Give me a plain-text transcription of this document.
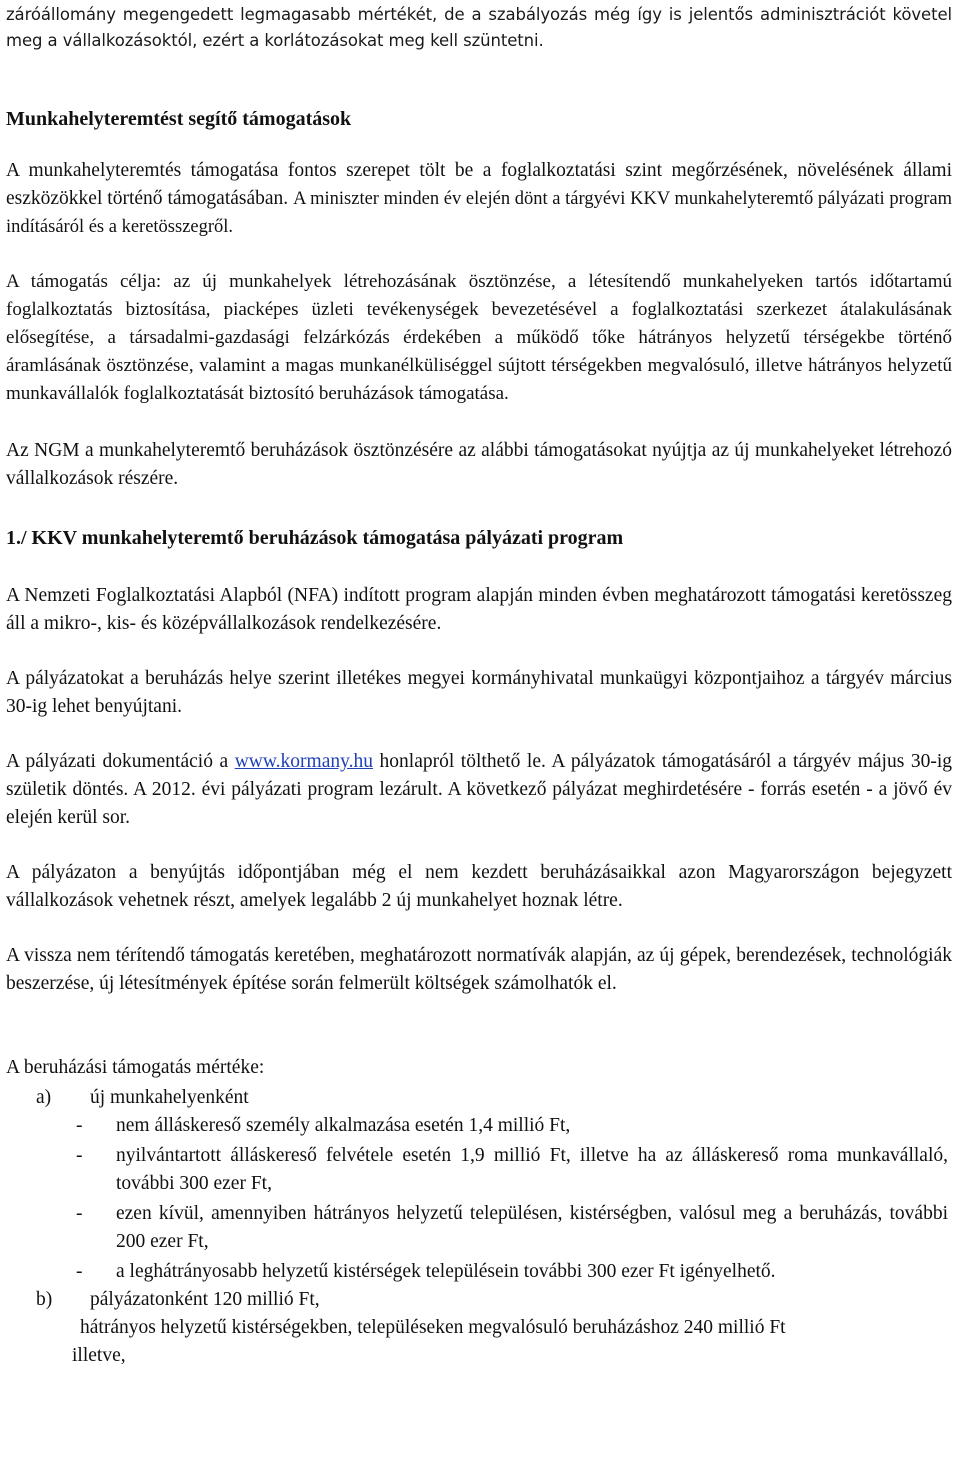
záróállomány megengedett legmagasabb mértékét, de a szabályozás még így is jelentős adminisztrációt követel meg a vállalkozásoktól, ezért a korlátozásokat meg kell szüntetni.

Munkahelyteremtést segítő támogatások

A munkahelyteremtés támogatása fontos szerepet tölt be a foglalkoztatási szint megőrzésének, növelésének állami eszközökkel történő támogatásában. A miniszter minden év elején dönt a tárgyévi KKV munkahelyteremtő pályázati program indításáról és a keretösszegről.

A támogatás célja: az új munkahelyek létrehozásának ösztönzése, a létesítendő munkahelyeken tartós időtartamú foglalkoztatás biztosítása, piacképes üzleti tevékenységek bevezetésével a foglalkoztatási szerkezet átalakulásának elősegítése, a társadalmi-gazdasági felzárkózás érdekében a működő tőke hátrányos helyzetű térségekbe történő áramlásának ösztönzése, valamint a magas munkanélküliséggel sújtott térségekben megvalósuló, illetve hátrányos helyzetű munkavállalók foglalkoztatását biztosító beruházások támogatása.

Az NGM a munkahelyteremtő beruházások ösztönzésére az alábbi támogatásokat nyújtja az új munkahelyeket létrehozó vállalkozások részére.

1./ KKV munkahelyteremtő beruházások támogatása pályázati program

A Nemzeti Foglalkoztatási Alapból (NFA) indított program alapján minden évben meghatározott támogatási keretösszeg áll a mikro-, kis- és középvállalkozások rendelkezésére.

A pályázatokat a beruházás helye szerint illetékes megyei kormányhivatal munkaügyi központjaihoz a tárgyév március 30-ig lehet benyújtani.

A pályázati dokumentáció a www.kormany.hu honlapról tölthető le. A pályázatok támogatásáról a tárgyév május 30-ig születik döntés. A 2012. évi pályázati program lezárult. A következő pályázat meghirdetésére - forrás esetén - a jövő év elején kerül sor.

A pályázaton a benyújtás időpontjában még el nem kezdett beruházásaikkal azon Magyarországon bejegyzett vállalkozások vehetnek részt, amelyek legalább 2 új munkahelyet hoznak létre.

A vissza nem térítendő támogatás keretében, meghatározott normatívák alapján, az új gépek, berendezések, technológiák beszerzése, új létesítmények építése során felmerült költségek számolhatók el.

A beruházási támogatás mértéke:

a)	új munkahelyenként
-	nem álláskereső személy alkalmazása esetén 1,4 millió Ft,
-	nyilvántartott álláskereső felvétele esetén 1,9 millió Ft, illetve ha az álláskereső roma munkavállaló, további 300 ezer Ft,
-	ezen kívül, amennyiben hátrányos helyzetű településen, kistérségben, valósul meg a beruházás, további 200 ezer Ft,
-	a leghátrányosabb helyzetű kistérségek településein további 300 ezer Ft igényelhető.
b)	pályázatonként 120 millió Ft,

hátrányos helyzetű kistérségekben, településeken megvalósuló beruházáshoz 240 millió Ft

illetve,
